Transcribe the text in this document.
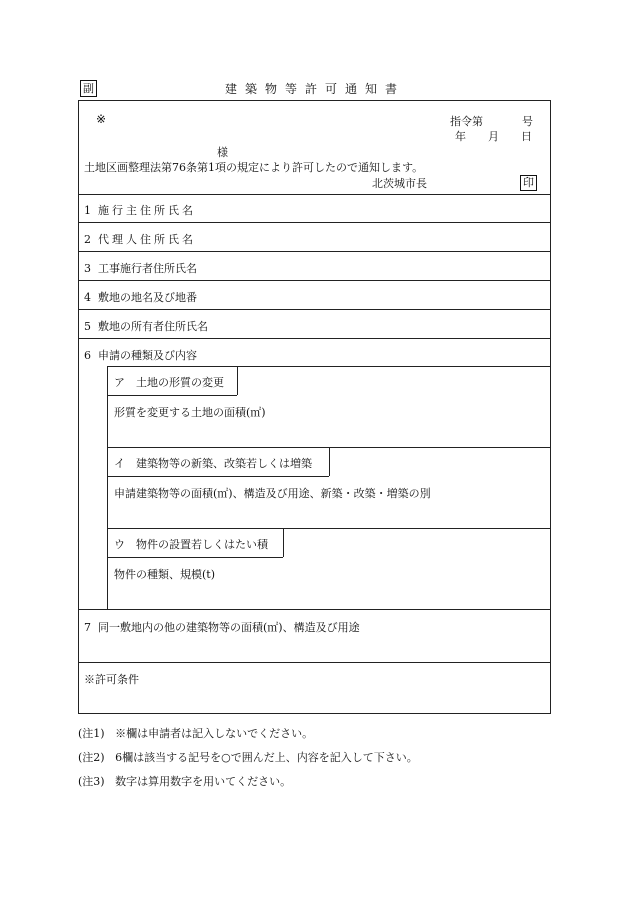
副	建築物等許可通知書
※	指令第	号
年 月 日
様
土地区画整理法第76条第1項の規定により許可したので通知します。
北茨城市長	印
1 施行主住所氏名
2 代理人住所氏名
3 工事施行者住所氏名
4 敷地の地名及び地番
5 敷地の所有者住所氏名
6 申請の種類及び内容
ア　土地の形質の変更
形質を変更する土地の面積(㎡)
イ　建築物等の新築、改築若しくは増築
申請建築物等の面積(㎡)、構造及び用途、新築・改築・増築の別
ウ　物件の設置若しくはたい積
物件の種類、規模(t)
7 同一敷地内の他の建築物等の面積(㎡)、構造及び用途
※許可条件
(注1) ※欄は申請者は記入しないでください。
(注2) 6欄は該当する記号を○で囲んだ上、内容を記入して下さい。
(注3) 数字は算用数字を用いてください。
